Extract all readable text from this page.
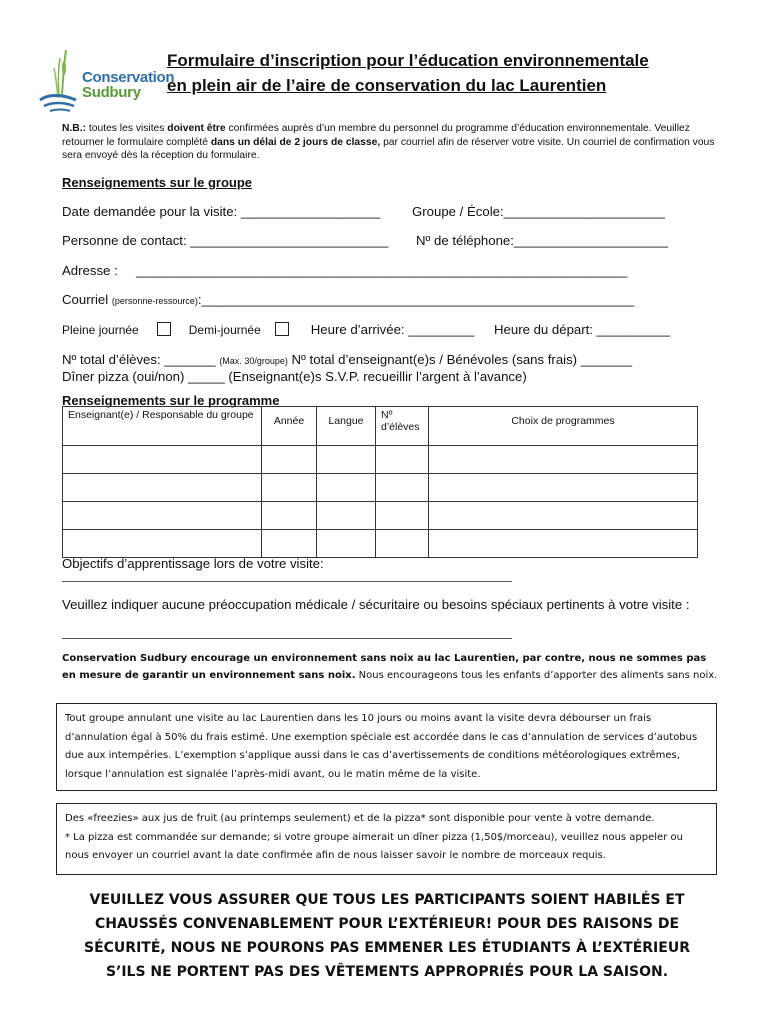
Conservation
Sudbury
Formulaire d’inscription pour l’éducation environnementale
en plein air de l’aire de conservation du lac Laurentien
N.B.: toutes les visites doivent être confirmées auprès d’un membre du personnel du programme d’éducation environnementale. Veuillez retourner le formulaire complété dans un délai de 2 jours de classe, par courriel afin de réserver votre visite. Un courriel de confirmation vous sera envoyé dès la réception du formulaire.
Renseignements sur le groupe
Date demandée pour la visite: ___________________ Groupe / École:______________________
Personne de contact: ___________________________ Nº de téléphone:_____________________
Adresse : ___________________________________________________________________
Courriel (personne-ressource):___________________________________________________________
Pleine journée	Demi-journée	Heure d’arrivée: _________ Heure du départ: __________
Nº total d’élèves: _______ (Max. 30/groupe) Nº total d’enseignant(e)s / Bénévoles (sans frais) _______
Dîner pizza (oui/non) _____ (Enseignant(e)s S.V.P. recueillir l’argent à l’avance)
Renseignements sur le programme
Enseignant(e) / Responsable du groupe	Année	Langue	Nº d’élèves	Choix de programmes

Objectifs d’apprentissage lors de votre visite:
Veuillez indiquer aucune préoccupation médicale / sécuritaire ou besoins spéciaux pertinents à votre visite :
Conservation Sudbury encourage un environnement sans noix au lac Laurentien, par contre, nous ne sommes pas en mesure de garantir un environnement sans noix. Nous encourageons tous les enfants d’apporter des aliments sans noix.
Tout groupe annulant une visite au lac Laurentien dans les 10 jours ou moins avant la visite devra débourser un frais d’annulation égal à 50% du frais estimé. Une exemption spéciale est accordée dans le cas d’annulation de services d’autobus due aux intempéries. L’exemption s’applique aussi dans le cas d’avertissements de conditions météorologiques extrêmes, lorsque l’annulation est signalée l’après-midi avant, ou le matin même de la visite.
Des «freezies» aux jus de fruit (au printemps seulement) et de la pizza* sont disponible pour vente à votre demande.
* La pizza est commandée sur demande; si votre groupe aimerait un dîner pizza (1,50$/morceau), veuillez nous appeler ou nous envoyer un courriel avant la date confirmée afin de nous laisser savoir le nombre de morceaux requis.
VEUILLEZ VOUS ASSURER QUE TOUS LES PARTICIPANTS SOIENT HABILÉS ET CHAUSSÉS CONVENABLEMENT POUR L’EXTÉRIEUR! POUR DES RAISONS DE SÉCURITÉ, NOUS NE POURONS PAS EMMENER LES ÉTUDIANTS À L’EXTÉRIEUR S’ILS NE PORTENT PAS DES VÊTEMENTS APPROPRIÉS POUR LA SAISON.
